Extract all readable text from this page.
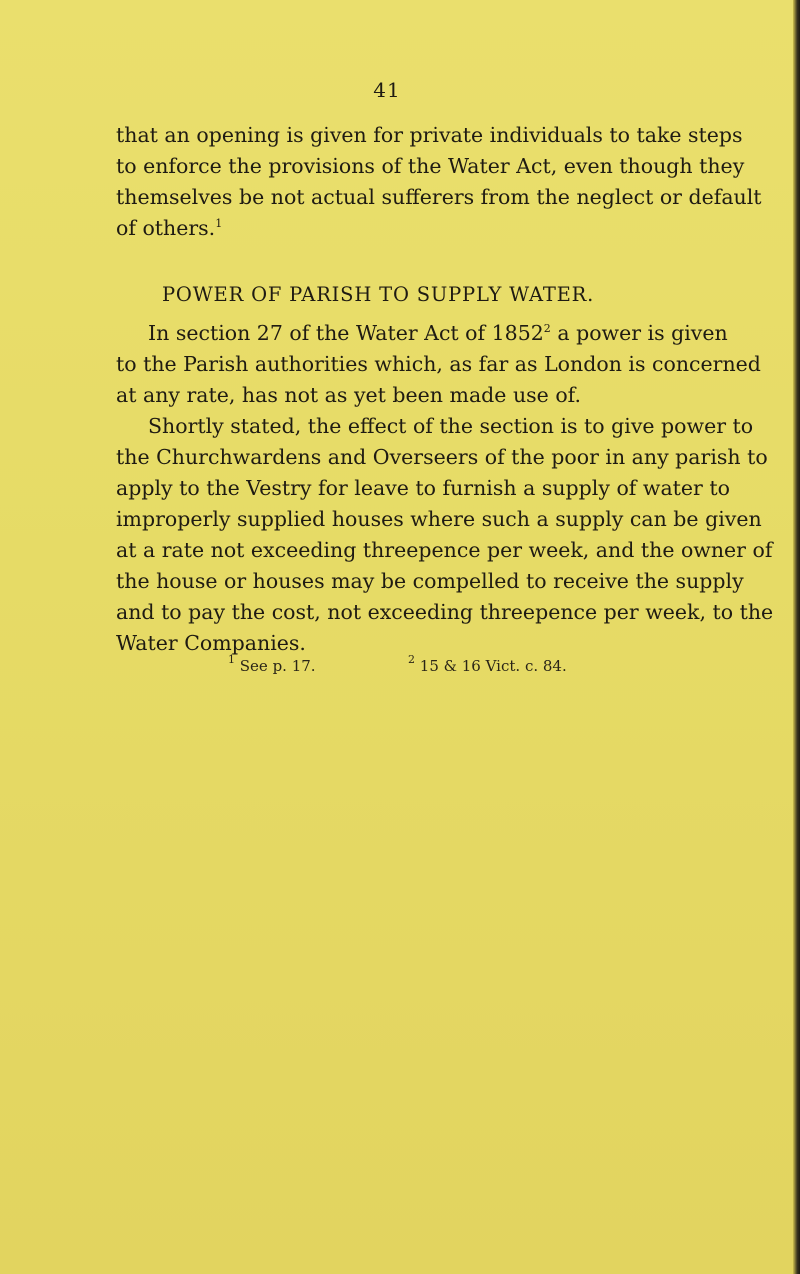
41
that an opening is given for private individuals to take steps
to enforce the provisions of the Water Act, even though they
themselves be not actual sufferers from the neglect or default
of others.$^1$
POWER OF PARISH TO SUPPLY WATER.
In section 27 of the Water Act of 1852$^2$ a power is given
to the Parish authorities which, as far as London is concerned
at any rate, has not as yet been made use of.
Shortly stated, the effect of the section is to give power to
the Churchwardens and Overseers of the poor in any parish to
apply to the Vestry for leave to furnish a supply of water to
improperly supplied houses where such a supply can be given
at a rate not exceeding threepence per week, and the owner of
the house or houses may be compelled to receive the supply
and to pay the cost, not exceeding threepence per week, to the
Water Companies.
$^1$ See p. 17.	$^2$ 15 & 16 Vict. c. 84.
